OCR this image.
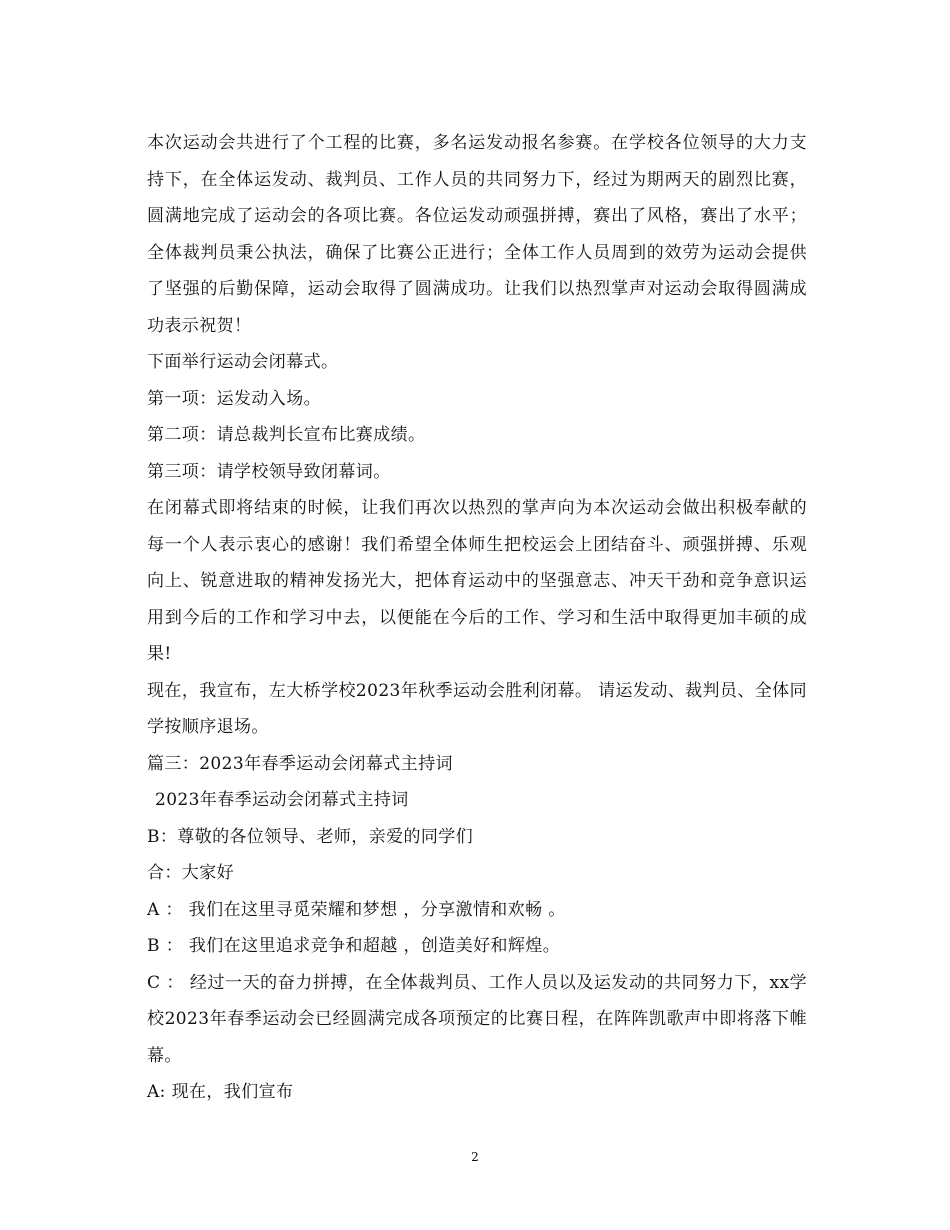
本次运动会共进行了个工程的比赛，多名运发动报名参赛。在学校各位领导的大力支持下，在全体运发动、裁判员、工作人员的共同努力下，经过为期两天的剧烈比赛，圆满地完成了运动会的各项比赛。各位运发动顽强拼搏，赛出了风格，赛出了水平；全体裁判员秉公执法，确保了比赛公正进行；全体工作人员周到的效劳为运动会提供了坚强的后勤保障，运动会取得了圆满成功。让我们以热烈掌声对运动会取得圆满成功表示祝贺！

下面举行运动会闭幕式。

第一项：运发动入场。

第二项：请总裁判长宣布比赛成绩。

第三项：请学校领导致闭幕词。

在闭幕式即将结束的时候，让我们再次以热烈的掌声向为本次运动会做出积极奉献的每一个人表示衷心的感谢！我们希望全体师生把校运会上团结奋斗、顽强拼搏、乐观向上、锐意进取的精神发扬光大，把体育运动中的坚强意志、冲天干劲和竞争意识运用到今后的工作和学习中去，以便能在今后的工作、学习和生活中取得更加丰硕的成果!

现在，我宣布，左大桥学校2023年秋季运动会胜利闭幕。 请运发动、裁判员、全体同学按顺序退场。

篇三：2023年春季运动会闭幕式主持词

2023年春季运动会闭幕式主持词

B：尊敬的各位领导、老师，亲爱的同学们

合：大家好

A ： 我们在这里寻觅荣耀和梦想 ，分享激情和欢畅 。

B ： 我们在这里追求竞争和超越 ，创造美好和辉煌。

C ： 经过一天的奋力拼搏，在全体裁判员、工作人员以及运发动的共同努力下，xx学校2023年春季运动会已经圆满完成各项预定的比赛日程，在阵阵凯歌声中即将落下帷幕。

A: 现在，我们宣布

2
